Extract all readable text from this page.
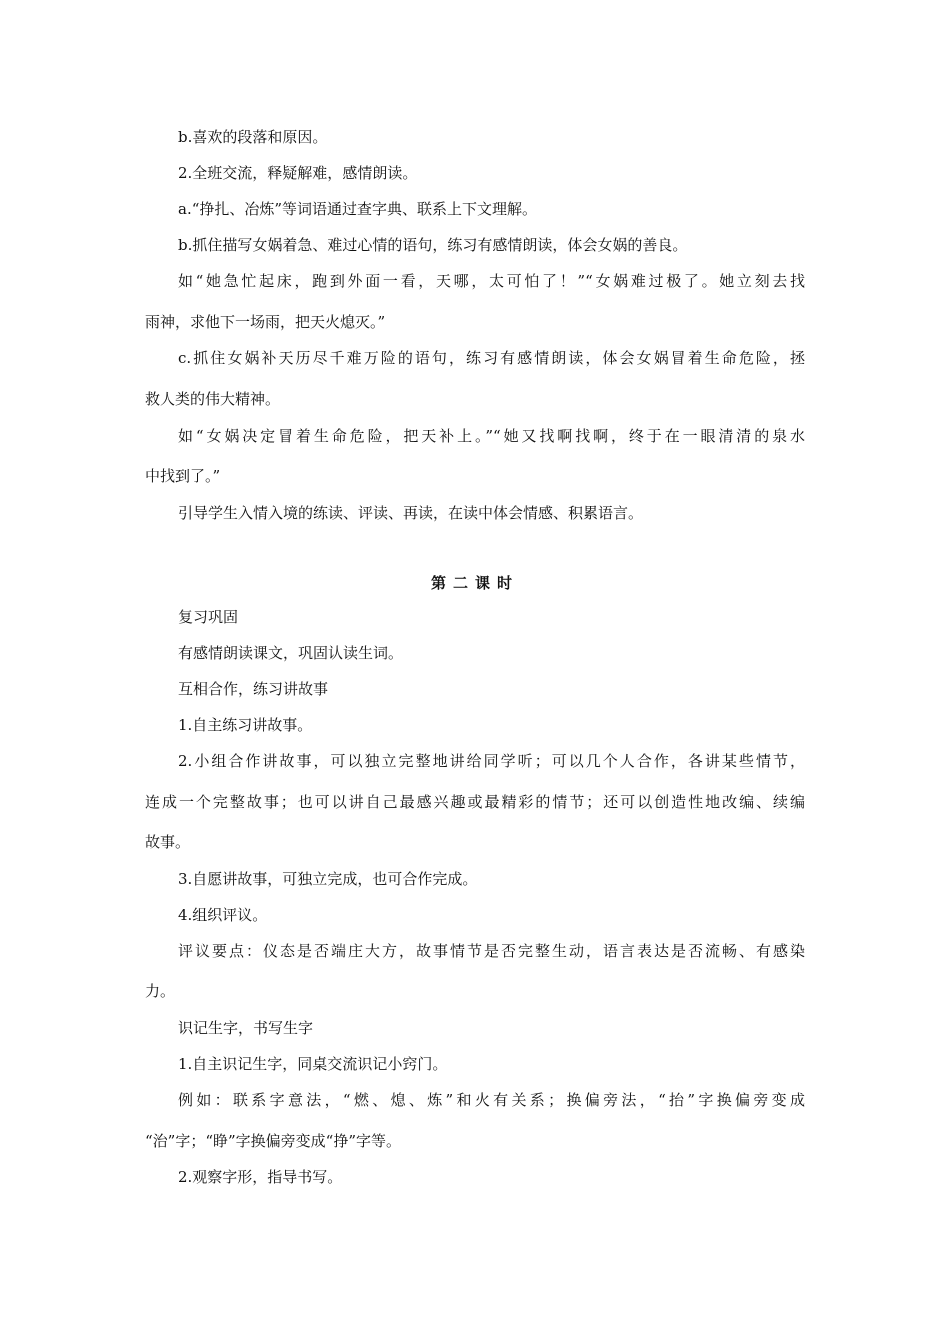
b.喜欢的段落和原因。
2.全班交流，释疑解难，感情朗读。
a.“挣扎、冶炼”等词语通过查字典、联系上下文理解。
b.抓住描写女娲着急、难过心情的语句，练习有感情朗读，体会女娲的善良。
如“她急忙起床，跑到外面一看，天哪，太可怕了！”“女娲难过极了。她立刻去找
雨神，求他下一场雨，把天火熄灭。”
c.抓住女娲补天历尽千难万险的语句，练习有感情朗读，体会女娲冒着生命危险，拯
救人类的伟大精神。
如“女娲决定冒着生命危险，把天补上。”“她又找啊找啊，终于在一眼清清的泉水
中找到了。”
引导学生入情入境的练读、评读、再读，在读中体会情感、积累语言。
第二课时
复习巩固
有感情朗读课文，巩固认读生词。
互相合作，练习讲故事
1.自主练习讲故事。
2.小组合作讲故事，可以独立完整地讲给同学听；可以几个人合作，各讲某些情节，
连成一个完整故事；也可以讲自己最感兴趣或最精彩的情节；还可以创造性地改编、续编
故事。
3.自愿讲故事，可独立完成，也可合作完成。
4.组织评议。
评议要点：仪态是否端庄大方，故事情节是否完整生动，语言表达是否流畅、有感染
力。
识记生字，书写生字
1.自主识记生字，同桌交流识记小窍门。
例如：联系字意法，“燃、熄、炼”和火有关系；换偏旁法，“抬”字换偏旁变成
“治”字；“睁”字换偏旁变成“挣”字等。
2.观察字形，指导书写。
